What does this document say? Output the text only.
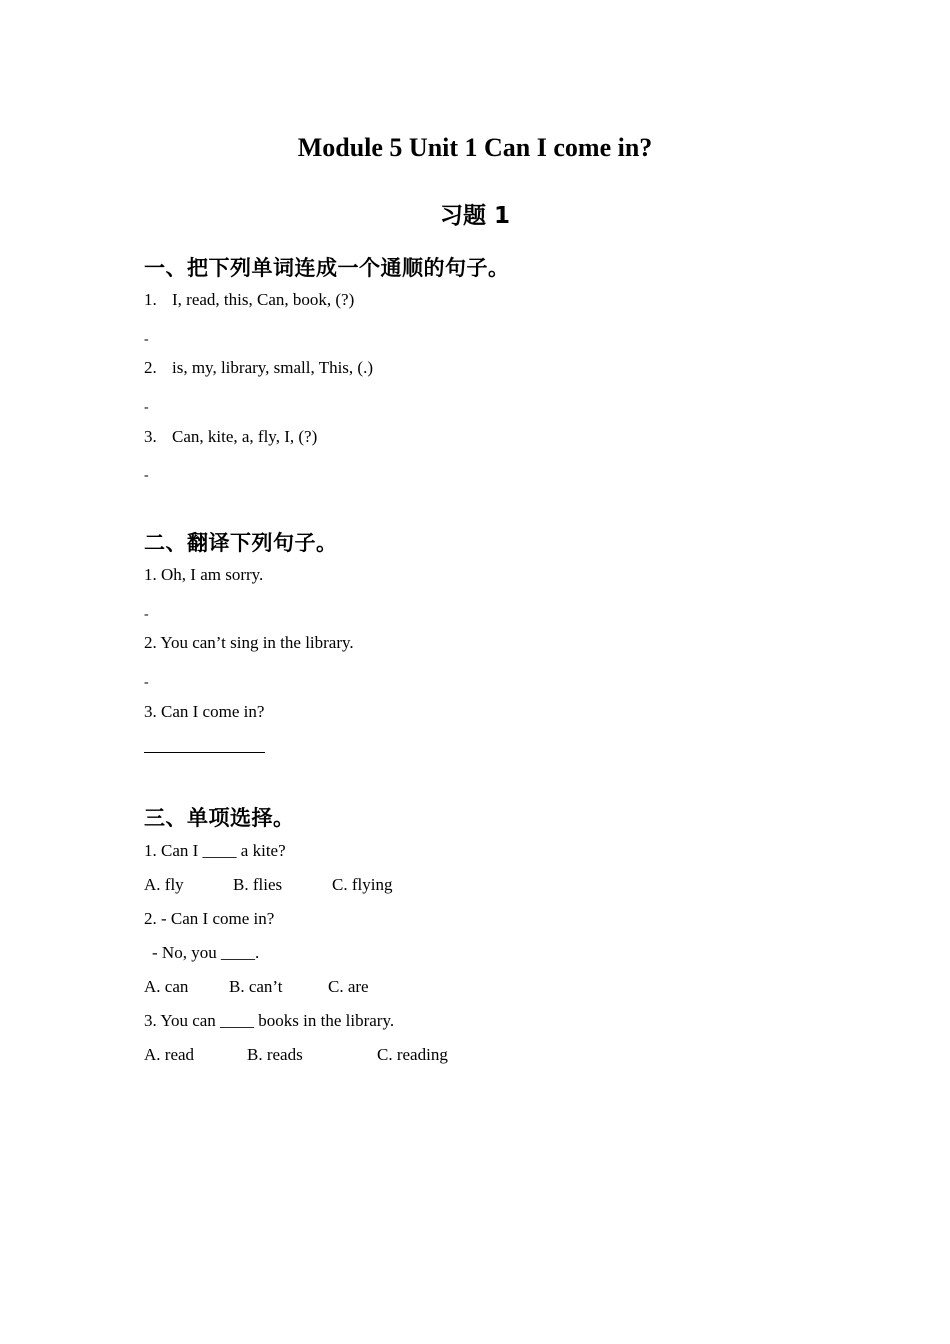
Module 5 Unit 1 Can I come in?
习题 1
一、把下列单词连成一个通顺的句子。
1. I, read, this, Can, book, (?)
-
2. is, my, library, small, This, (.)
-
3. Can, kite, a, fly, I, (?)
-
二、翻译下列句子。
1. Oh, I am sorry.
-
2. You can’t sing in the library.
-
3. Can I come in?
三、单项选择。
1. Can I ____ a kite?
A. fly	B. flies	C. flying
2. - Can I come in?
- No, you ____.
A. can B. can’t	C. are
3. You can ____ books in the library.
A. read	B. reads	C. reading
